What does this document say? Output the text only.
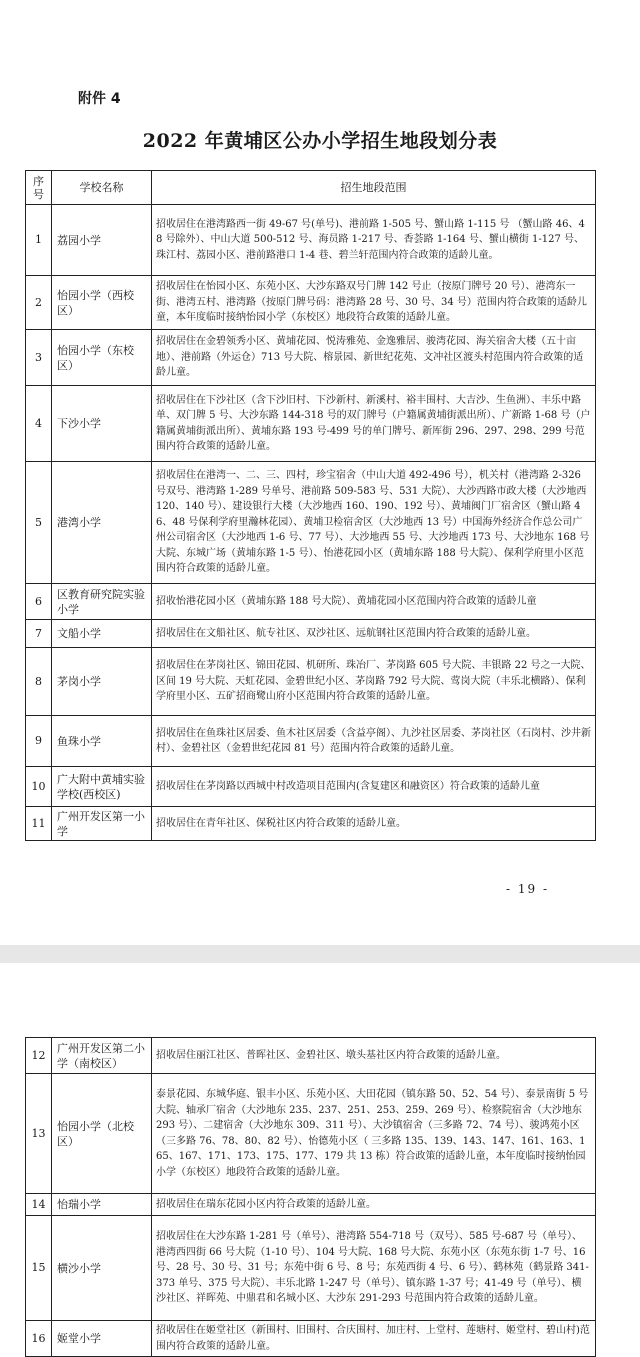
附件 4
2022 年黄埔区公办小学招生地段划分表
序号	学校名称	招生地段范围
1	荔园小学	招收居住在港湾路西一街 49-67 号(单号)、港前路 1-505 号、蟹山路 1-115 号 （蟹山路 46、48 号除外）、中山大道 500-512 号、海员路 1-217 号、香荟路 1-164 号、蟹山横街 1-127 号、珠江村、荔园小区、港前路港口 1-4 巷、碧兰轩范围内符合政策的适龄儿童。
2	怡园小学（西校区）	招收居住在怡园小区、东苑小区、大沙东路双号门牌 142 号止（按原门牌号 20 号）、港湾东一街、港湾五村、港湾路（按原门牌号码：港湾路 28 号、30 号、34 号）范围内符合政策的适龄儿童，本年度临时接纳怡园小学（东校区）地段符合政策的适龄儿童。
3	怡园小学（东校区）	招收居住在金碧领秀小区、黄埔花园、悦涛雅苑、金逸雅居、骏湾花园、海关宿舍大楼（五十亩地）、港前路（外运仓）713 号大院、榕景园、新世纪花苑、文冲社区渡头村范围内符合政策的适龄儿童。
4	下沙小学	招收居住在下沙社区（含下沙旧村、下沙新村、新溪村、裕丰围村、大吉沙、生鱼洲）、丰乐中路单、双门牌 5 号、大沙东路 144-318 号的双门牌号（户籍属黄埔街派出所）、广新路 1-68 号（户籍属黄埔街派出所）、黄埔东路 193 号-499 号的单门牌号、新厍街 296、297、298、299 号范围内符合政策的适龄儿童。
5	港湾小学	招收居住在港湾一、二、三、四村，珍宝宿舍（中山大道 492-496 号），机关村（港湾路 2-326 号双号、港湾路 1-289 号单号、港前路 509-583 号、531 大院）、大沙西路市政大楼（大沙地西 120、140 号）、建设银行大楼（大沙地西 160、190、192 号）、黄埔阀门厂宿舍区（蟹山路 46、48 号保利学府里瀚林花园）、黄埔卫检宿舍区（大沙地西 13 号）中国海外经济合作总公司广州公司宿舍区（大沙地西 1-6 号、77 号）、大沙地西 55 号、大沙地西 173 号、大沙地东 168 号大院、东城广场（黄埔东路 1-5 号）、怡港花园小区（黄埔东路 188 号大院）、保利学府里小区范围内符合政策的适龄儿童。
6	区教育研究院实验小学	招收怡港花园小区（黄埔东路 188 号大院）、黄埔花园小区范围内符合政策的适龄儿童
7	文船小学	招收居住在文船社区、航专社区、双沙社区、远航钢社区范围内符合政策的适龄儿童。
8	茅岗小学	招收居住在茅岗社区、锦田花园、机研所、珠冶厂、茅岗路 605 号大院、丰银路 22 号之一大院、区间 19 号大院、天虹花园、金碧世纪小区、茅岗路 792 号大院、莺岗大院（丰乐北横路）、保利学府里小区、五矿招商鹭山府小区范围内符合政策的适龄儿童。
9	鱼珠小学	招收居住在鱼珠社区居委、鱼木社区居委（含益亭阁）、九沙社区居委、茅岗社区（石岗村、沙井新村）、金碧社区（金碧世纪花园 81 号）范围内符合政策的适龄儿童。
10	广大附中黄埔实验学校(西校区)	招收居住在茅岗路以西城中村改造项目范围内(含复建区和融资区）符合政策的适龄儿童
11	广州开发区第一小学	招收居住在青年社区、保税社区内符合政策的适龄儿童。
- 19 -
12	广州开发区第二小学（南校区）	招收居住丽江社区、普晖社区、金碧社区、墩头基社区内符合政策的适龄儿童。
13	怡园小学（北校区）	泰景花园、东城华庭、银丰小区、乐苑小区、大田花园（镇东路 50、52、54 号）、泰景南街 5 号大院、轴承厂宿舍（大沙地东 235、237、251、253、259、269 号）、检察院宿舍（大沙地东 293 号）、二建宿舍（大沙地东 309、311 号）、大沙镇宿舍（三多路 72、74 号）、骏鸿苑小区（三多路 76、78、80、82 号）、怡德苑小区（ 三多路 135、139、143、147、161、163、165、167、171、173、175、177、179 共 13 栋）符合政策的适龄儿童，本年度临时接纳怡园小学（东校区）地段符合政策的适龄儿童。
14	怡瑞小学	招收居住在瑞东花园小区内符合政策的适龄儿童。
15	横沙小学	招收居住在大沙东路 1-281 号（单号）、港湾路 554-718 号（双号）、585 号-687 号（单号）、港湾西四街 66 号大院（1-10 号）、104 号大院、168 号大院、东苑小区（东苑东街 1-7 号、16 号、28 号、30 号、31 号；东苑中街 6 号、8 号；东苑西街 4 号、6 号）、鹤林苑（鹤景路 341-373 单号、375 号大院）、丰乐北路 1-247 号（单号）、镇东路 1-37 号；41-49 号（单号）、横沙社区、祥晖苑、中鼎君和名城小区、大沙东 291-293 号范围内符合政策的适龄儿童。
16	姬堂小学	招收居住在姬堂社区（新围村、旧围村、合庆围村、加庄村、上堂村、莲塘村、姬堂村、碧山村)范围内符合政策的适龄儿童。
